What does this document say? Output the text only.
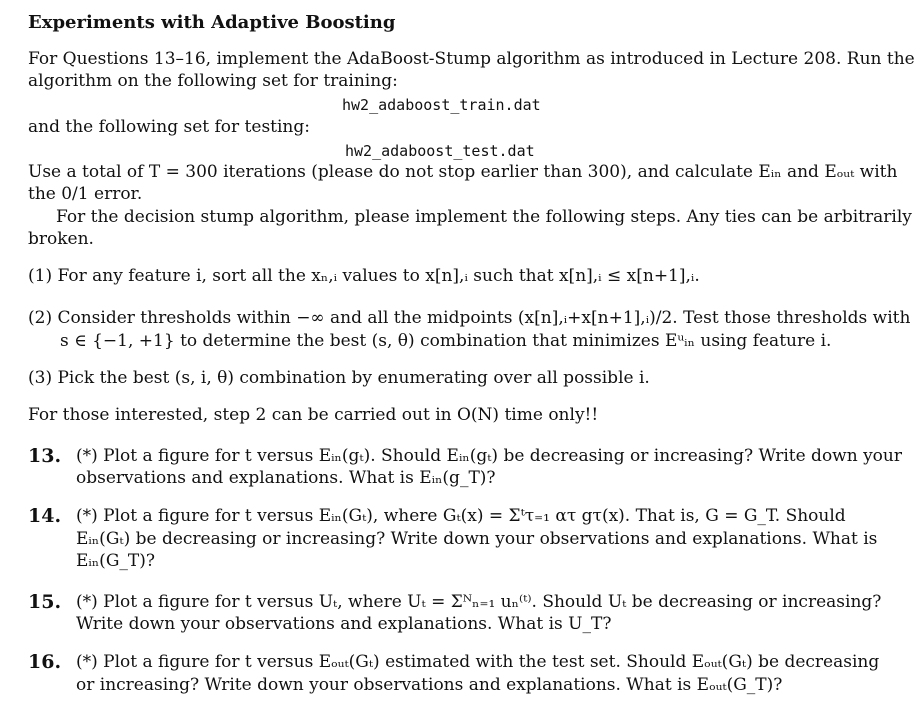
Experiments with Adaptive Boosting
For Questions 13–16, implement the AdaBoost-Stump algorithm as introduced in Lecture 208. Run the
algorithm on the following set for training:
hw2_adaboost_train.dat
and the following set for testing:
hw2_adaboost_test.dat
Use a total of T = 300 iterations (please do not stop earlier than 300), and calculate Eᵢₙ and Eₒᵤₜ with
the 0/1 error.
For the decision stump algorithm, please implement the following steps. Any ties can be arbitrarily
broken.
(1) For any feature i, sort all the xₙ,ᵢ values to x[n],ᵢ such that x[n],ᵢ ≤ x[n+1],ᵢ.
(2) Consider thresholds within −∞ and all the midpoints (x[n],ᵢ+x[n+1],ᵢ)/2. Test those thresholds with
s ∈ {−1, +1} to determine the best (s, θ) combination that minimizes Eᵘᵢₙ using feature i.
(3) Pick the best (s, i, θ) combination by enumerating over all possible i.
For those interested, step 2 can be carried out in O(N) time only!!
13. (*) Plot a figure for t versus Eᵢₙ(gₜ). Should Eᵢₙ(gₜ) be decreasing or increasing? Write down your
observations and explanations. What is Eᵢₙ(g_T)?
14. (*) Plot a figure for t versus Eᵢₙ(Gₜ), where Gₜ(x) = Σᵗτ₌₁ ατ gτ(x). That is, G = G_T. Should
Eᵢₙ(Gₜ) be decreasing or increasing? Write down your observations and explanations. What is
Eᵢₙ(G_T)?
15. (*) Plot a figure for t versus Uₜ, where Uₜ = Σᴺₙ₌₁ uₙ⁽ᵗ⁾. Should Uₜ be decreasing or increasing?
Write down your observations and explanations. What is U_T?
16. (*) Plot a figure for t versus Eₒᵤₜ(Gₜ) estimated with the test set. Should Eₒᵤₜ(Gₜ) be decreasing
or increasing? Write down your observations and explanations. What is Eₒᵤₜ(G_T)?
